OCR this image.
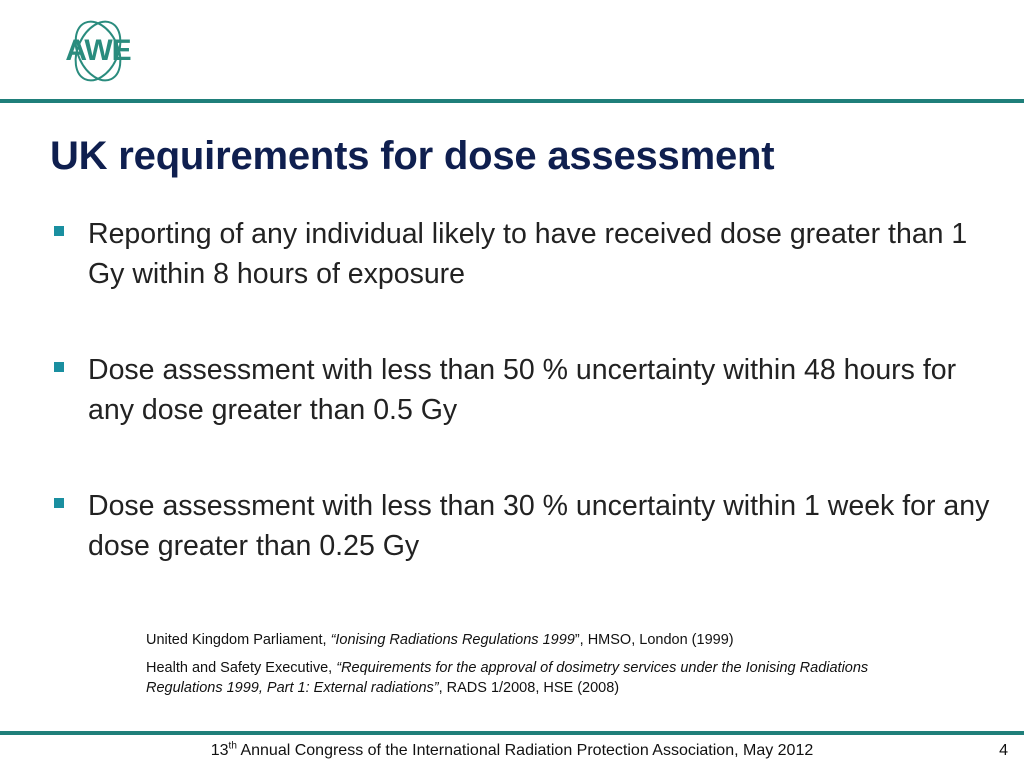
AWE
UK requirements for dose assessment
Reporting of any individual likely to have received dose greater than 1 Gy within 8 hours of exposure
Dose assessment with less than 50 % uncertainty within 48 hours for any dose greater than 0.5 Gy
Dose assessment with less than 30 % uncertainty within 1 week for any dose greater than 0.25 Gy

United Kingdom Parliament, “Ionising Radiations Regulations 1999”, HMSO, London (1999)

Health and Safety Executive, “Requirements for the approval of dosimetry services under the Ionising Radiations Regulations 1999, Part 1: External radiations”, RADS 1/2008, HSE (2008)

13th Annual Congress of the International Radiation Protection Association, May 2012	4
